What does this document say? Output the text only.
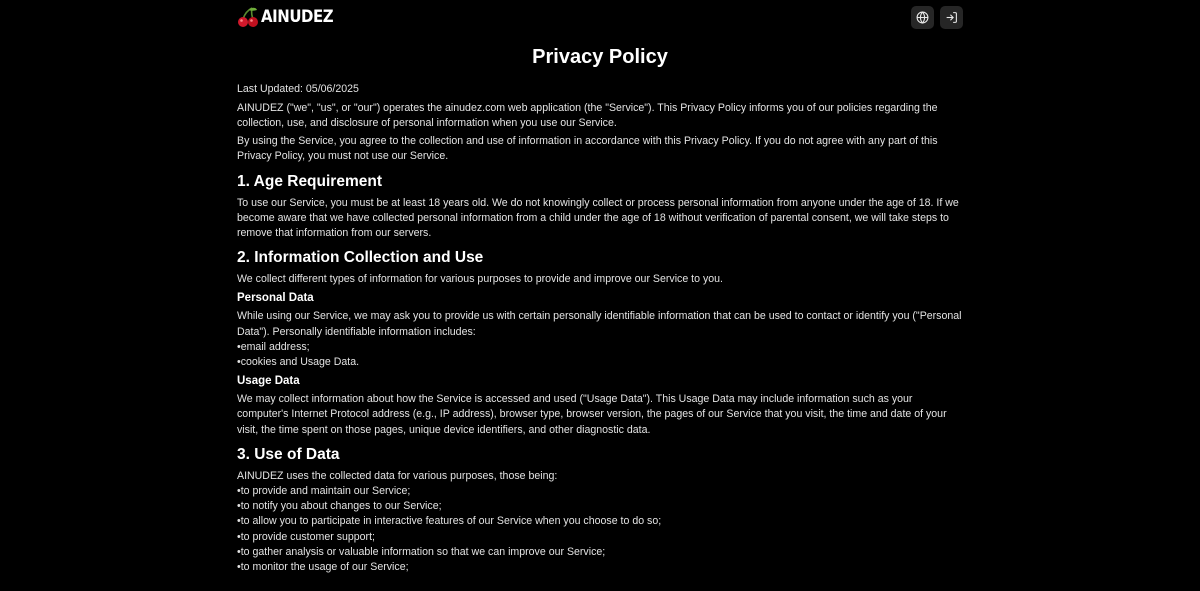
AINUDEZ
Privacy Policy

Last Updated: 05/06/2025

AINUDEZ ("we", "us", or "our") operates the ainudez.com web application (the "Service"). This Privacy Policy informs you of our policies regarding the collection, use, and disclosure of personal information when you use our Service.

By using the Service, you agree to the collection and use of information in accordance with this Privacy Policy. If you do not agree with any part of this Privacy Policy, you must not use our Service.

1. Age Requirement

To use our Service, you must be at least 18 years old. We do not knowingly collect or process personal information from anyone under the age of 18. If we become aware that we have collected personal information from a child under the age of 18 without verification of parental consent, we will take steps to remove that information from our servers.

2. Information Collection and Use

We collect different types of information for various purposes to provide and improve our Service to you.

Personal Data

While using our Service, we may ask you to provide us with certain personally identifiable information that can be used to contact or identify you ("Personal Data"). Personally identifiable information includes:

• email address;
• cookies and Usage Data.
Usage Data

We may collect information about how the Service is accessed and used ("Usage Data"). This Usage Data may include information such as your computer's Internet Protocol address (e.g., IP address), browser type, browser version, the pages of our Service that you visit, the time and date of your visit, the time spent on those pages, unique device identifiers, and other diagnostic data.

3. Use of Data

AINUDEZ uses the collected data for various purposes, those being:

• to provide and maintain our Service;
• to notify you about changes to our Service;
• to allow you to participate in interactive features of our Service when you choose to do so;
• to provide customer support;
• to gather analysis or valuable information so that we can improve our Service;
• to monitor the usage of our Service;
